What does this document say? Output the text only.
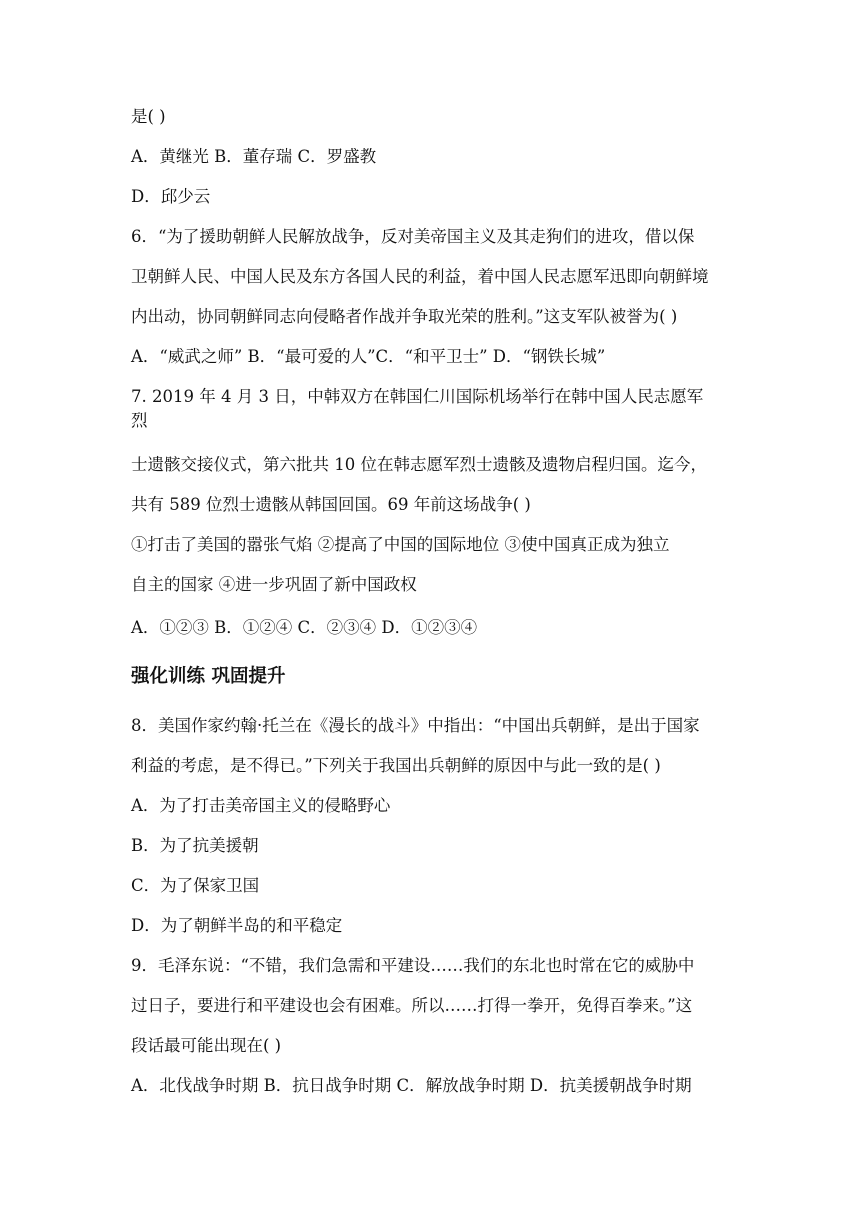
是( )
A．黄继光 B．董存瑞 C．罗盛教
D．邱少云
6．“为了援助朝鲜人民解放战争，反对美帝国主义及其走狗们的进攻，借以保
卫朝鲜人民、中国人民及东方各国人民的利益，着中国人民志愿军迅即向朝鲜境
内出动，协同朝鲜同志向侵略者作战并争取光荣的胜利。”这支军队被誉为( )
A．“威武之师” B．“最可爱的人”C．“和平卫士” D．“钢铁长城”
7. 2019 年 4 月 3 日，中韩双方在韩国仁川国际机场举行在韩中国人民志愿军
烈
士遗骸交接仪式，第六批共 10 位在韩志愿军烈士遗骸及遗物启程归国。迄今，
共有 589 位烈士遗骸从韩国回国。69 年前这场战争( )
①打击了美国的嚣张气焰 ②提高了中国的国际地位 ③使中国真正成为独立
自主的国家 ④进一步巩固了新中国政权
A．①②③ B．①②④ C．②③④ D．①②③④
强化训练 巩固提升
8．美国作家约翰·托兰在《漫长的战斗》中指出：“中国出兵朝鲜，是出于国家
利益的考虑，是不得已。”下列关于我国出兵朝鲜的原因中与此一致的是( )
A．为了打击美帝国主义的侵略野心
B．为了抗美援朝
C．为了保家卫国
D．为了朝鲜半岛的和平稳定
9．毛泽东说：“不错，我们急需和平建设……我们的东北也时常在它的威胁中
过日子，要进行和平建设也会有困难。所以……打得一拳开，免得百拳来。”这
段话最可能出现在( )
A．北伐战争时期 B．抗日战争时期 C．解放战争时期 D．抗美援朝战争时期
